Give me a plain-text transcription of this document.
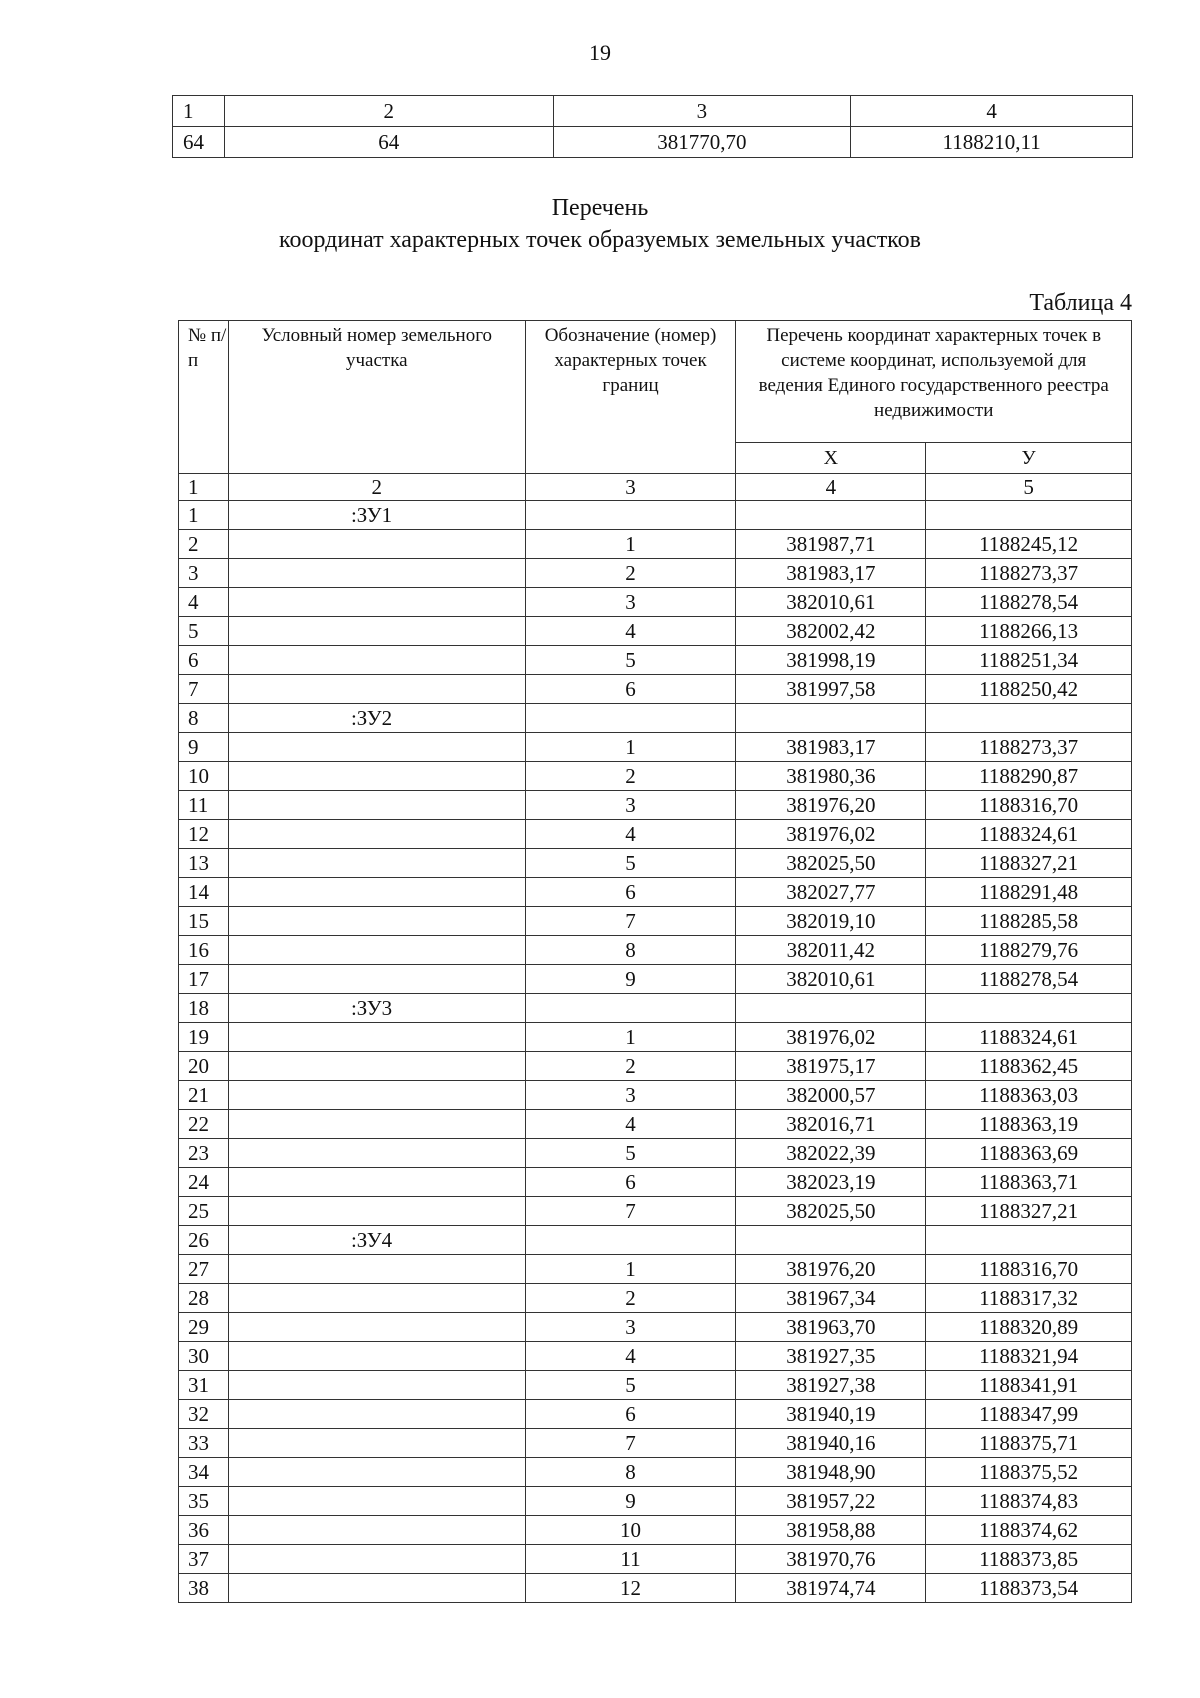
19
1	2	3	4
64	64	381770,70	1188210,11
Перечень
координат характерных точек образуемых земельных участков
Таблица 4
№ п/п	Условный номер земельного участка	Обозначение (номер) характерных точек границ	Перечень координат характерных точек в системе координат, используемой для ведения Единого государственного реестра недвижимости	
			X	У
1	2	3	4	5
1	:ЗУ1			
2		1	381987,71	1188245,12
3		2	381983,17	1188273,37
4		3	382010,61	1188278,54
5		4	382002,42	1188266,13
6		5	381998,19	1188251,34
7		6	381997,58	1188250,42
8	:ЗУ2			
9		1	381983,17	1188273,37
10		2	381980,36	1188290,87
11		3	381976,20	1188316,70
12		4	381976,02	1188324,61
13		5	382025,50	1188327,21
14		6	382027,77	1188291,48
15		7	382019,10	1188285,58
16		8	382011,42	1188279,76
17		9	382010,61	1188278,54
18	:ЗУ3			
19		1	381976,02	1188324,61
20		2	381975,17	1188362,45
21		3	382000,57	1188363,03
22		4	382016,71	1188363,19
23		5	382022,39	1188363,69
24		6	382023,19	1188363,71
25		7	382025,50	1188327,21
26	:ЗУ4			
27		1	381976,20	1188316,70
28		2	381967,34	1188317,32
29		3	381963,70	1188320,89
30		4	381927,35	1188321,94
31		5	381927,38	1188341,91
32		6	381940,19	1188347,99
33		7	381940,16	1188375,71
34		8	381948,90	1188375,52
35		9	381957,22	1188374,83
36		10	381958,88	1188374,62
37		11	381970,76	1188373,85
38		12	381974,74	1188373,54
